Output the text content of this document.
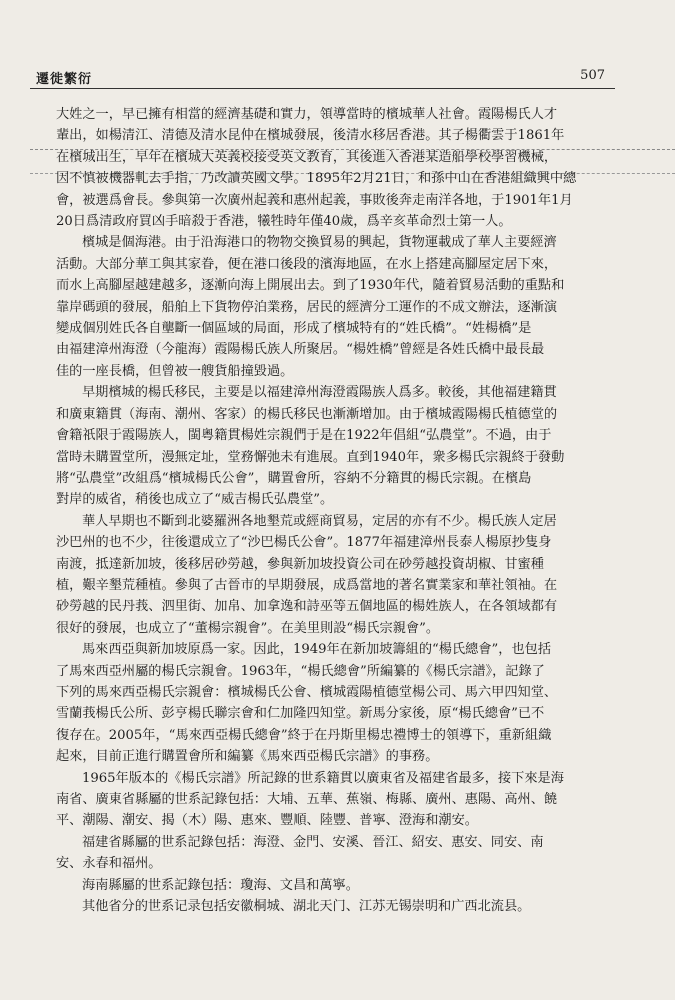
遷徙繁衍	507
大姓之一，早已擁有相當的經濟基礎和實力，領導當時的檳城華人社會。霞陽楊氏人才
輩出，如楊清江、清德及清水昆仲在檳城發展，後清水移居香港。其子楊衢雲于1861年
在檳城出生，早年在檳城大英義校接受英文教育，其後進入香港某造船學校學習機械，
因不慎被機器軋去手指，乃改讀英國文學。1895年2月21日，和孫中山在香港組織興中總
會，被選爲會長。參與第一次廣州起義和惠州起義，事敗後奔走南洋各地，于1901年1月
20日爲清政府買凶手暗殺于香港，犧牲時年僅40歲，爲辛亥革命烈士第一人。
檳城是個海港。由于沿海港口的物物交換貿易的興起，貨物運載成了華人主要經濟
活動。大部分華工與其家眷，便在港口後段的濱海地區，在水上搭建高腳屋定居下來，
而水上高腳屋越建越多，逐漸向海上開展出去。到了1930年代，隨着貿易活動的重點和
靠岸碼頭的發展，船舶上下貨物停泊業務，居民的經濟分工運作的不成文辦法，逐漸演
變成個別姓氏各自壟斷一個區域的局面，形成了檳城特有的“姓氏橋”。“姓楊橋”是
由福建漳州海澄（今龍海）霞陽楊氏族人所聚居。“楊姓橋”曾經是各姓氏橋中最長最
佳的一座長橋，但曾被一艘貨船撞毀過。
早期檳城的楊氏移民，主要是以福建漳州海澄霞陽族人爲多。較後，其他福建籍貫
和廣東籍貫（海南、潮州、客家）的楊氏移民也漸漸增加。由于檳城霞陽楊氏植德堂的
會籍祇限于霞陽族人，閩粵籍貫楊姓宗親們于是在1922年倡組“弘農堂”。不過，由于
當時未購置堂所，漫無定址，堂務懈弛未有進展。直到1940年，衆多楊氏宗親終于發動
將“弘農堂”改組爲“檳城楊氏公會”，購置會所，容納不分籍貫的楊氏宗親。在檳島
對岸的威省，稍後也成立了“威吉楊氏弘農堂”。
華人早期也不斷到北婆羅洲各地墾荒或經商貿易，定居的亦有不少。楊氏族人定居
沙巴州的也不少，往後還成立了“沙巴楊氏公會”。1877年福建漳州長泰人楊原抄隻身
南渡，抵達新加坡，後移居砂勞越，參與新加坡投資公司在砂勞越投資胡椒、甘蜜種
植，艱辛墾荒種植。參與了古晉市的早期發展，成爲當地的著名實業家和華社領袖。在
砂勞越的民丹莪、泗里街、加帛、加拿逸和詩巫等五個地區的楊姓族人，在各領域都有
很好的發展，也成立了“董楊宗親會”。在美里則設“楊氏宗親會”。
馬來西亞與新加坡原爲一家。因此，1949年在新加坡籌組的“楊氏總會”，也包括
了馬來西亞州屬的楊氏宗親會。1963年，“楊氏總會”所編纂的《楊氏宗譜》，記錄了
下列的馬來西亞楊氏宗親會：檳城楊氏公會、檳城霞陽植德堂楊公司、馬六甲四知堂、
雪蘭莪楊氏公所、彭亨楊氏聯宗會和仁加隆四知堂。新馬分家後，原“楊氏總會”已不
復存在。2005年，“馬來西亞楊氏總會”終于在丹斯里楊忠禮博士的領導下，重新組織
起來，目前正進行購置會所和編纂《馬來西亞楊氏宗譜》的事務。
1965年版本的《楊氏宗譜》所記錄的世系籍貫以廣東省及福建省最多，接下來是海
南省、廣東省縣屬的世系記錄包括：大埔、五華、蕉嶺、梅縣、廣州、惠陽、高州、饒
平、潮陽、潮安、揭（木）陽、惠來、豐順、陸豐、普寧、澄海和潮安。
福建省縣屬的世系記錄包括：海澄、金門、安溪、晉江、紹安、惠安、同安、南
安、永春和福州。
海南縣屬的世系記錄包括：瓊海、文昌和萬寧。
其他省分的世系记录包括安徽桐城、湖北天门、江苏无锡崇明和广西北流县。
